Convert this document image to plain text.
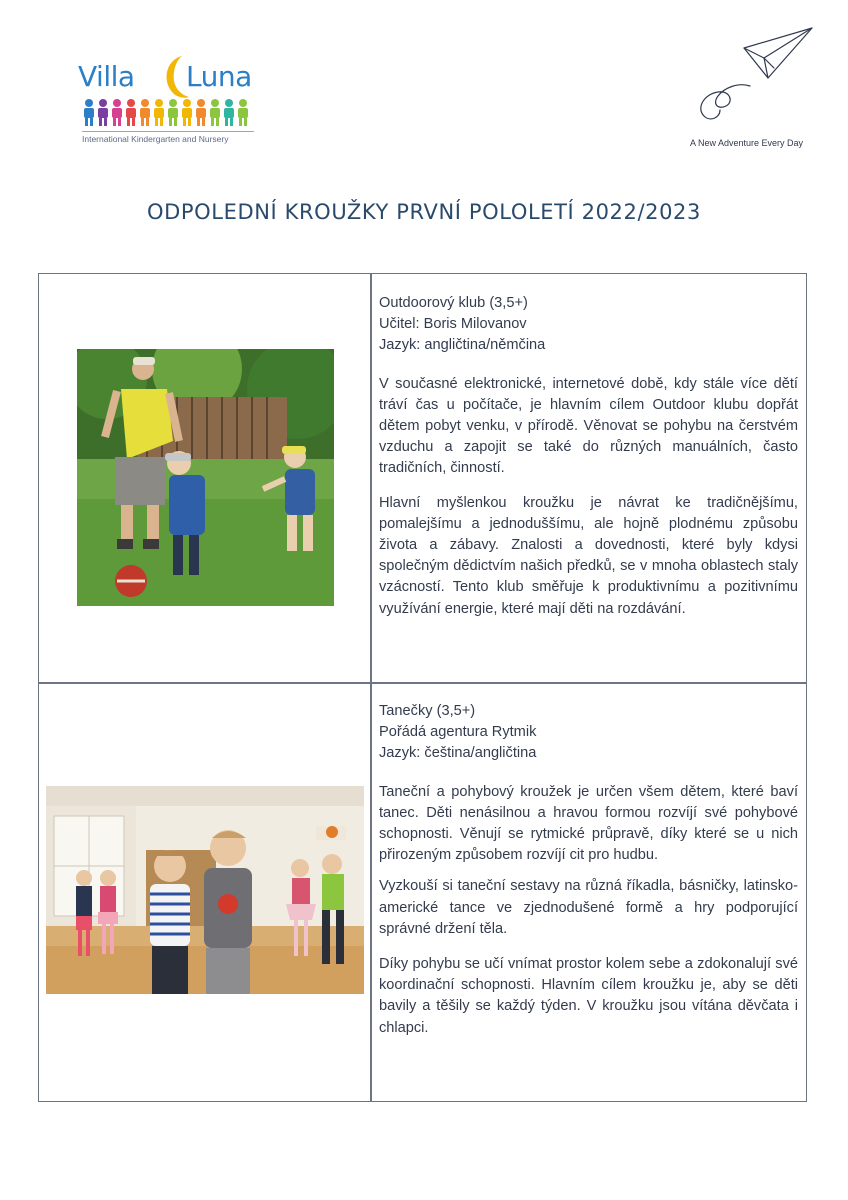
Villa Luna
International Kindergarten and Nursery	A New Adventure Every Day
ODPOLEDNÍ KROUŽKY PRVNÍ POLOLETÍ 2022/2023
Outdoorový klub (3,5+)
Učitel: Boris Milovanov
Jazyk: angličtina/němčina
V současné elektronické, internetové době, kdy stále více dětí tráví čas u počítače, je hlavním cílem Outdoor klubu dopřát dětem pobyt venku, v přírodě. Věnovat se pohybu na čerstvém vzduchu a zapojit se také do různých manuálních, často tradičních, činností.
Hlavní myšlenkou kroužku je návrat ke tradičnějšímu, pomalejšímu a jednoduššímu, ale hojně plodnému způsobu života a zábavy. Znalosti a dovednosti, které byly kdysi společným dědictvím našich předků, se v mnoha oblastech staly vzácností. Tento klub směřuje k produktivnímu a pozitivnímu využívání energie, které mají děti na rozdávání.
Tanečky (3,5+)
Pořádá agentura Rytmik
Jazyk: čeština/angličtina
Taneční a pohybový kroužek je určen všem dětem, které baví tanec. Děti nenásilnou a hravou formou rozvíjí své pohybové schopnosti. Věnují se rytmické průpravě, díky které se u nich přirozeným způsobem rozvíjí cit pro hudbu.
Vyzkouší si taneční sestavy na různá říkadla, básničky, latinsko-americké tance ve zjednodušené formě a hry podporující správné držení těla.
Díky pohybu se učí vnímat prostor kolem sebe a zdokonalují své koordinační schopnosti. Hlavním cílem kroužku je, aby se děti bavily a těšily se každý týden. V kroužku jsou vítána děvčata i chlapci.
